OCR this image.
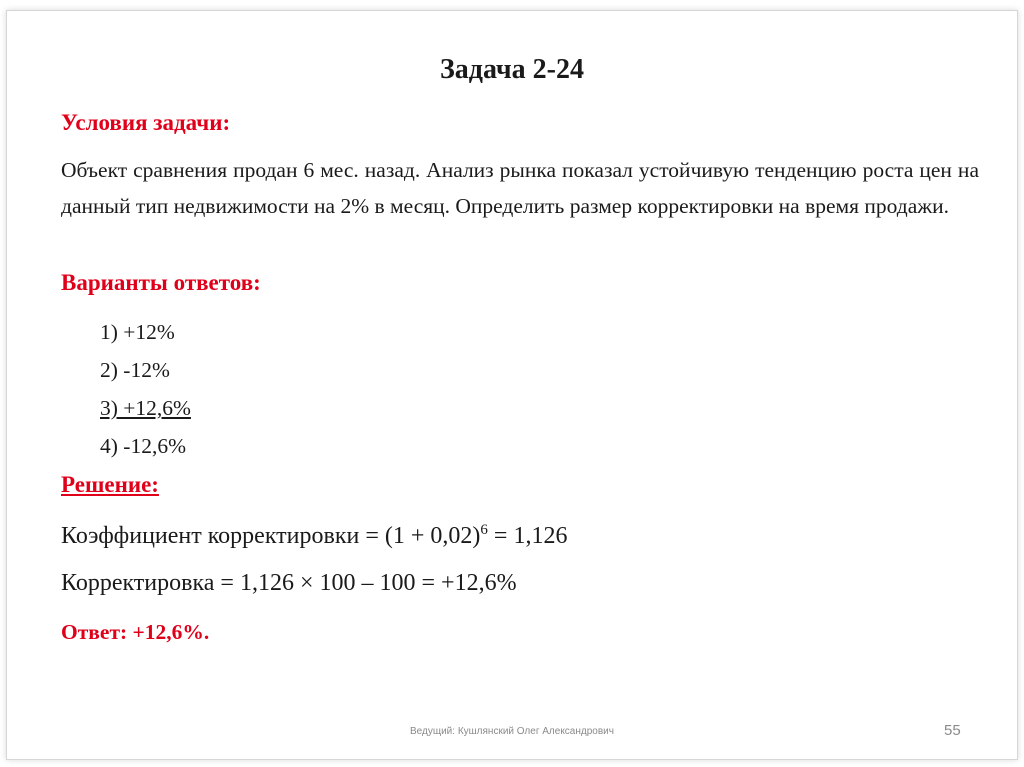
Задача 2-24
Условия задачи:
Объект сравнения продан 6 мес. назад. Анализ рынка показал устойчивую тенденцию роста цен на данный тип недвижимости на 2% в месяц. Определить размер корректировки на время продажи.
Варианты ответов:
1) +12%
2) -12%
3) +12,6%
4) -12,6%
Решение:
Коэффициент корректировки = $(1 + 0,02)^6 = 1,126$
Корректировка = 1,126 × 100 – 100 = +12,6%
Ответ: +12,6%.
Ведущий: Кушлянский Олег Александрович	55
